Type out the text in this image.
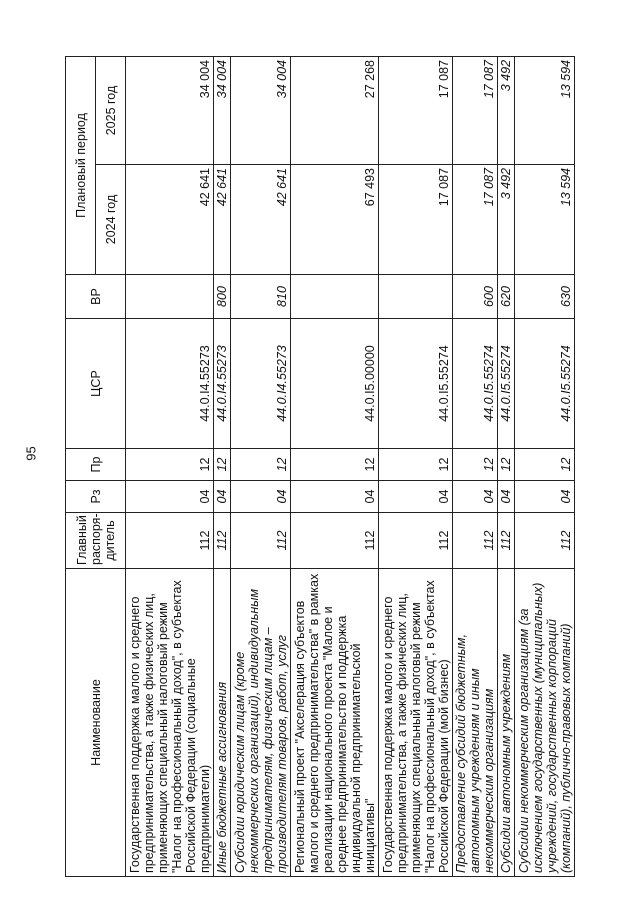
95
Наименование	Главный распоря-дитель	Рз	Пр	ЦСР	ВР	Плановый период	
						2024 год	2025 год
Государственная поддержка малого и среднего предпринимательства, а также физических лиц, применяющих специальный налоговый режим "Налог на профессиональный доход", в субъектах Российской Федерации (социальные предприниматели)	112	04	12	44.0.I4.55273		42 641	34 004
Иные бюджетные ассигнования	112	04	12	44.0.I4.55273	800	42 641	34 004
Субсидии юридическим лицам (кроме некоммерческих организаций), индивидуальным предпринимателям, физическим лицам – производителям товаров, работ, услуг	112	04	12	44.0.I4.55273	810	42 641	34 004
Региональный проект "Акселерация субъектов малого и среднего предпринимательства" в рамках реализации национального проекта "Малое и среднее предпринимательство и поддержка индивидуальной предпринимательской инициативы"	112	04	12	44.0.I5.00000		67 493	27 268
Государственная поддержка малого и среднего предпринимательства, а также физических лиц, применяющих специальный налоговый режим "Налог на профессиональный доход", в субъектах Российской Федерации (мой бизнес)	112	04	12	44.0.I5.55274		17 087	17 087
Предоставление субсидий бюджетным, автономным учреждениям и иным некоммерческим организациям	112	04	12	44.0.I5.55274	600	17 087	17 087
Субсидии автономным учреждениям	112	04	12	44.0.I5.55274	620	3 492	3 492
Субсидии некоммерческим организациям (за исключением государственных (муниципальных) учреждений, государственных корпораций (компаний), публично-правовых компаний)	112	04	12	44.0.I5.55274	630	13 594	13 594
